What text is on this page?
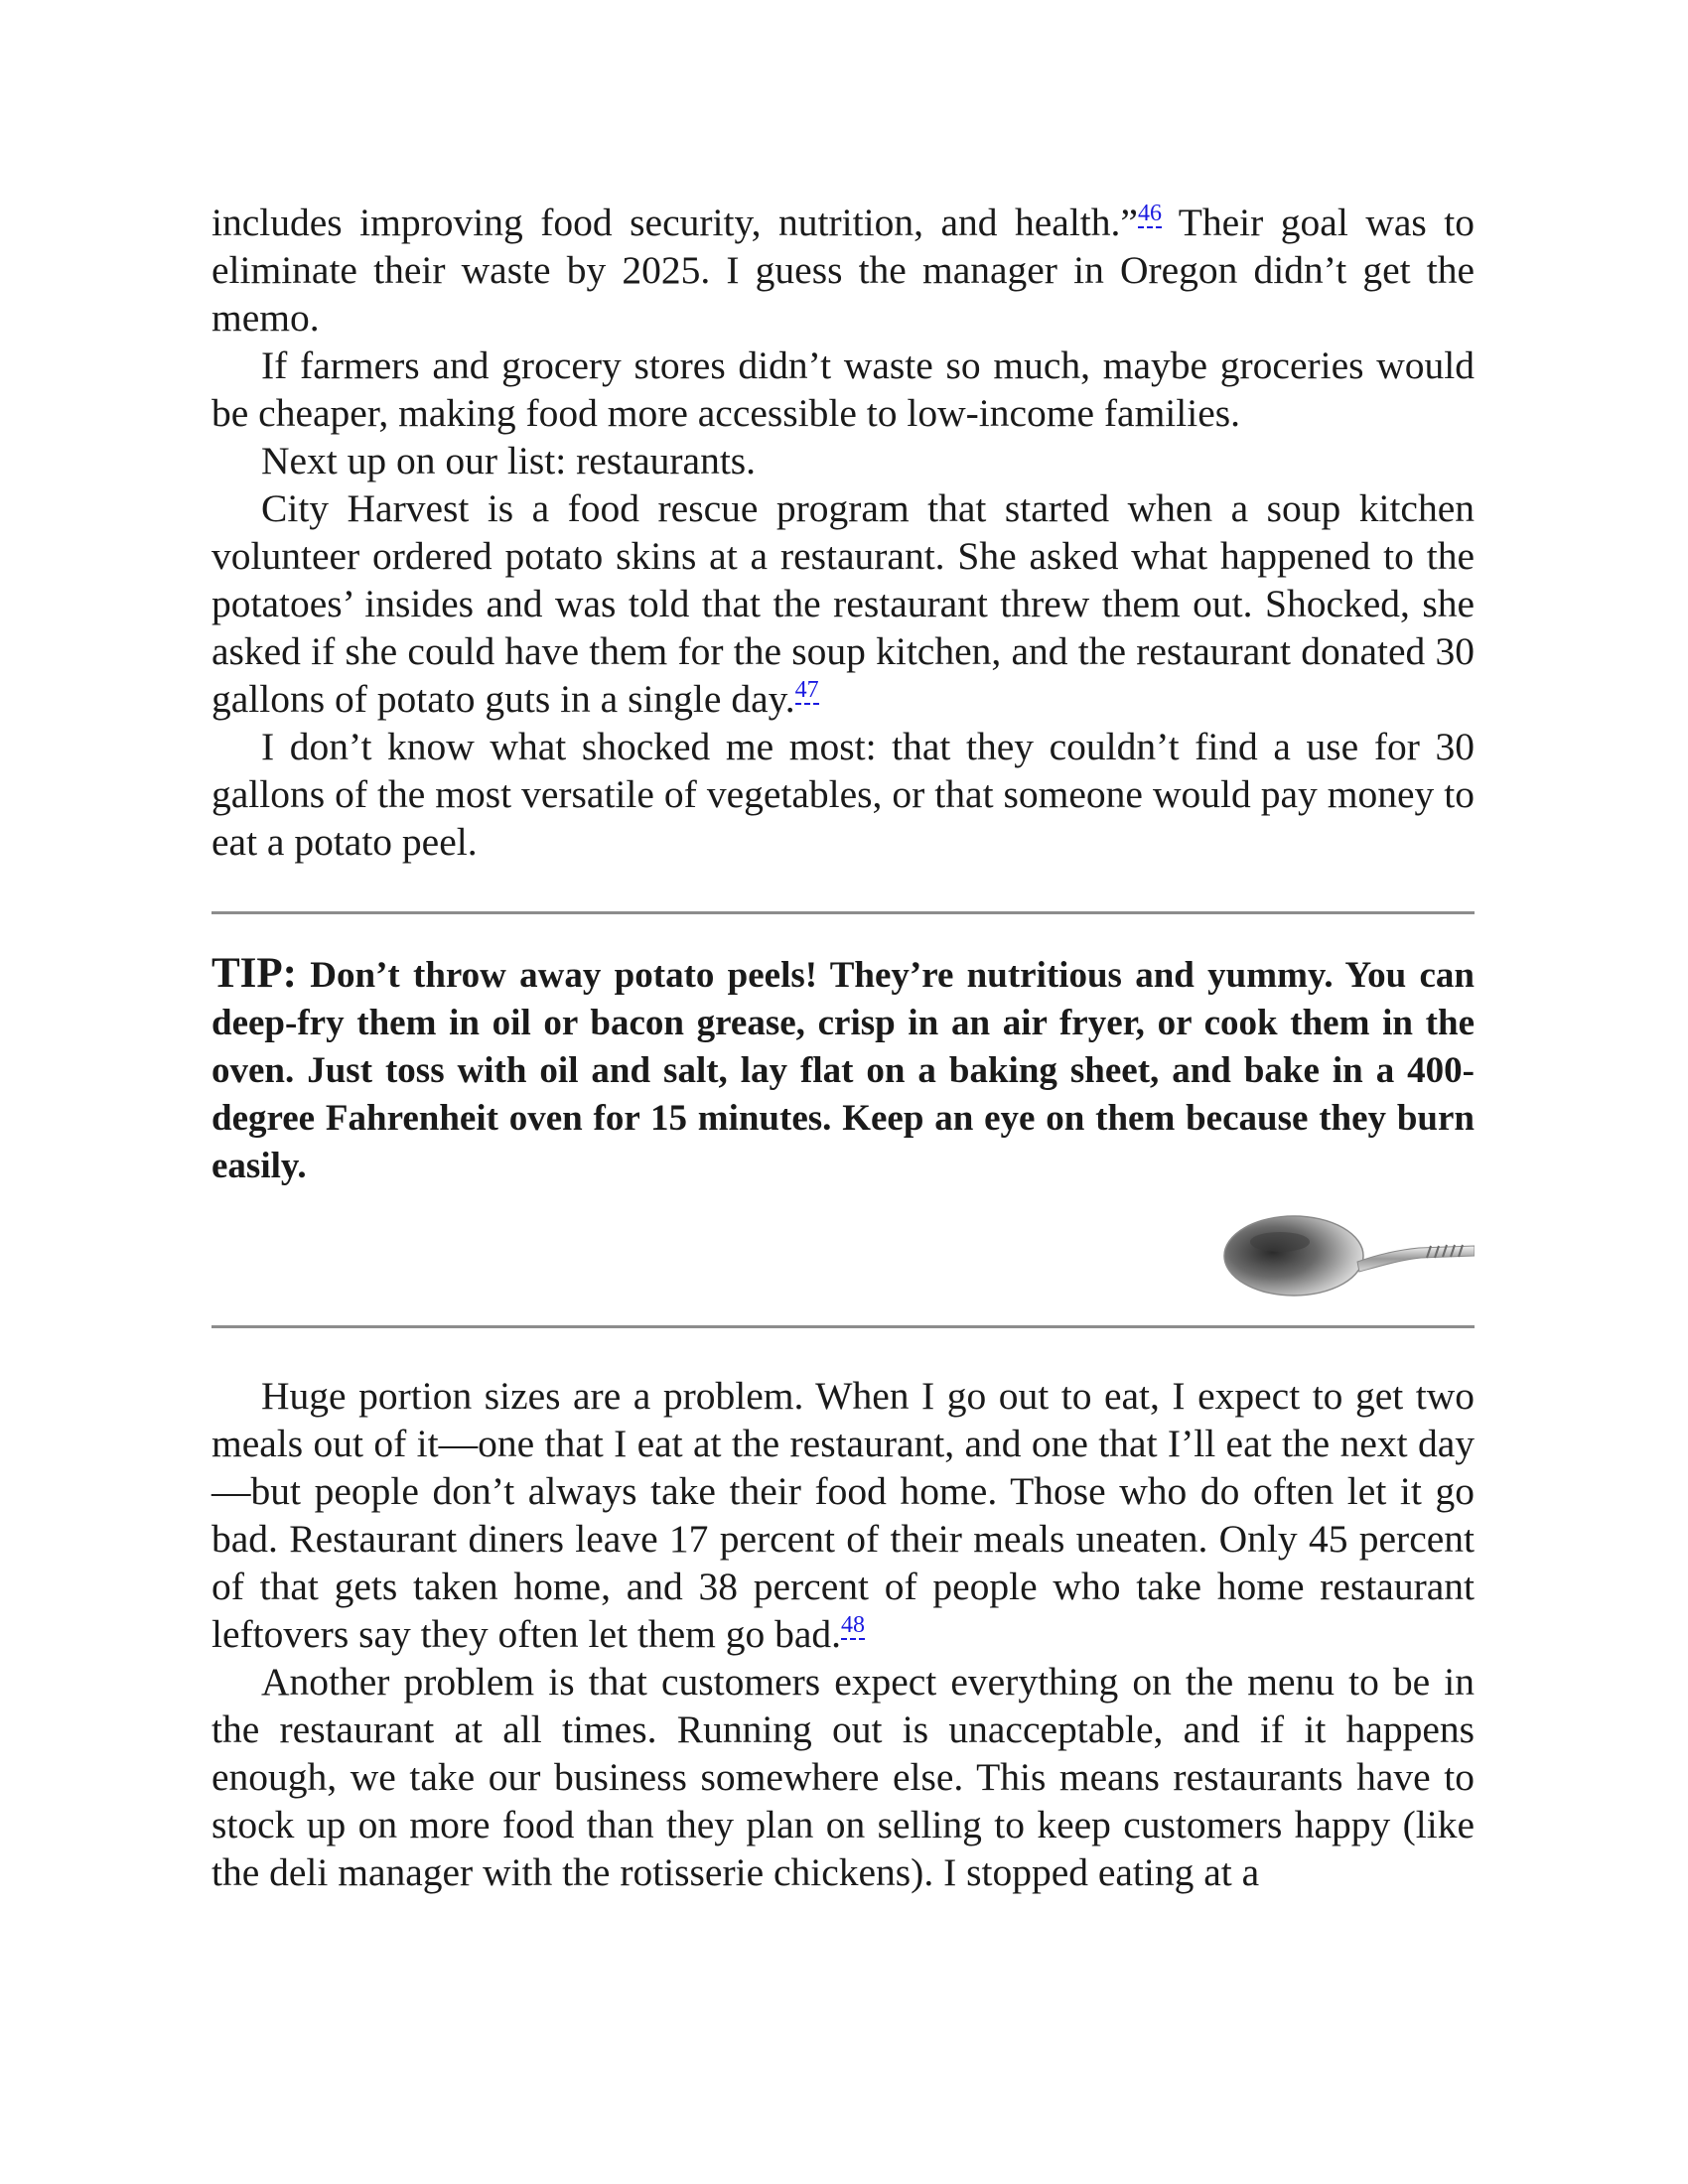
includes improving food security, nutrition, and health.”$^{46}$ Their goal was to eliminate their waste by 2025. I guess the manager in Oregon didn’t get the memo.

If farmers and grocery stores didn’t waste so much, maybe groceries would be cheaper, making food more accessible to low-income families.

Next up on our list: restaurants.

City Harvest is a food rescue program that started when a soup kitchen volunteer ordered potato skins at a restaurant. She asked what happened to the potatoes’ insides and was told that the restaurant threw them out. Shocked, she asked if she could have them for the soup kitchen, and the restaurant donated 30 gallons of potato guts in a single day.$^{47}$

I don’t know what shocked me most: that they couldn’t find a use for 30 gallons of the most versatile of vegetables, or that someone would pay money to eat a potato peel.

TIP: Don’t throw away potato peels! They’re nutritious and yummy. You can deep-fry them in oil or bacon grease, crisp in an air fryer, or cook them in the oven. Just toss with oil and salt, lay flat on a baking sheet, and bake in a 400-degree Fahrenheit oven for 15 minutes. Keep an eye on them because they burn easily.

Huge portion sizes are a problem. When I go out to eat, I expect to get two meals out of it—one that I eat at the restaurant, and one that I’ll eat the next day—but people don’t always take their food home. Those who do often let it go bad. Restaurant diners leave 17 percent of their meals uneaten. Only 45 percent of that gets taken home, and 38 percent of people who take home restaurant leftovers say they often let them go bad.$^{48}$

Another problem is that customers expect everything on the menu to be in the restaurant at all times. Running out is unacceptable, and if it happens enough, we take our business somewhere else. This means restaurants have to stock up on more food than they plan on selling to keep customers happy (like the deli manager with the rotisserie chickens). I stopped eating at a
